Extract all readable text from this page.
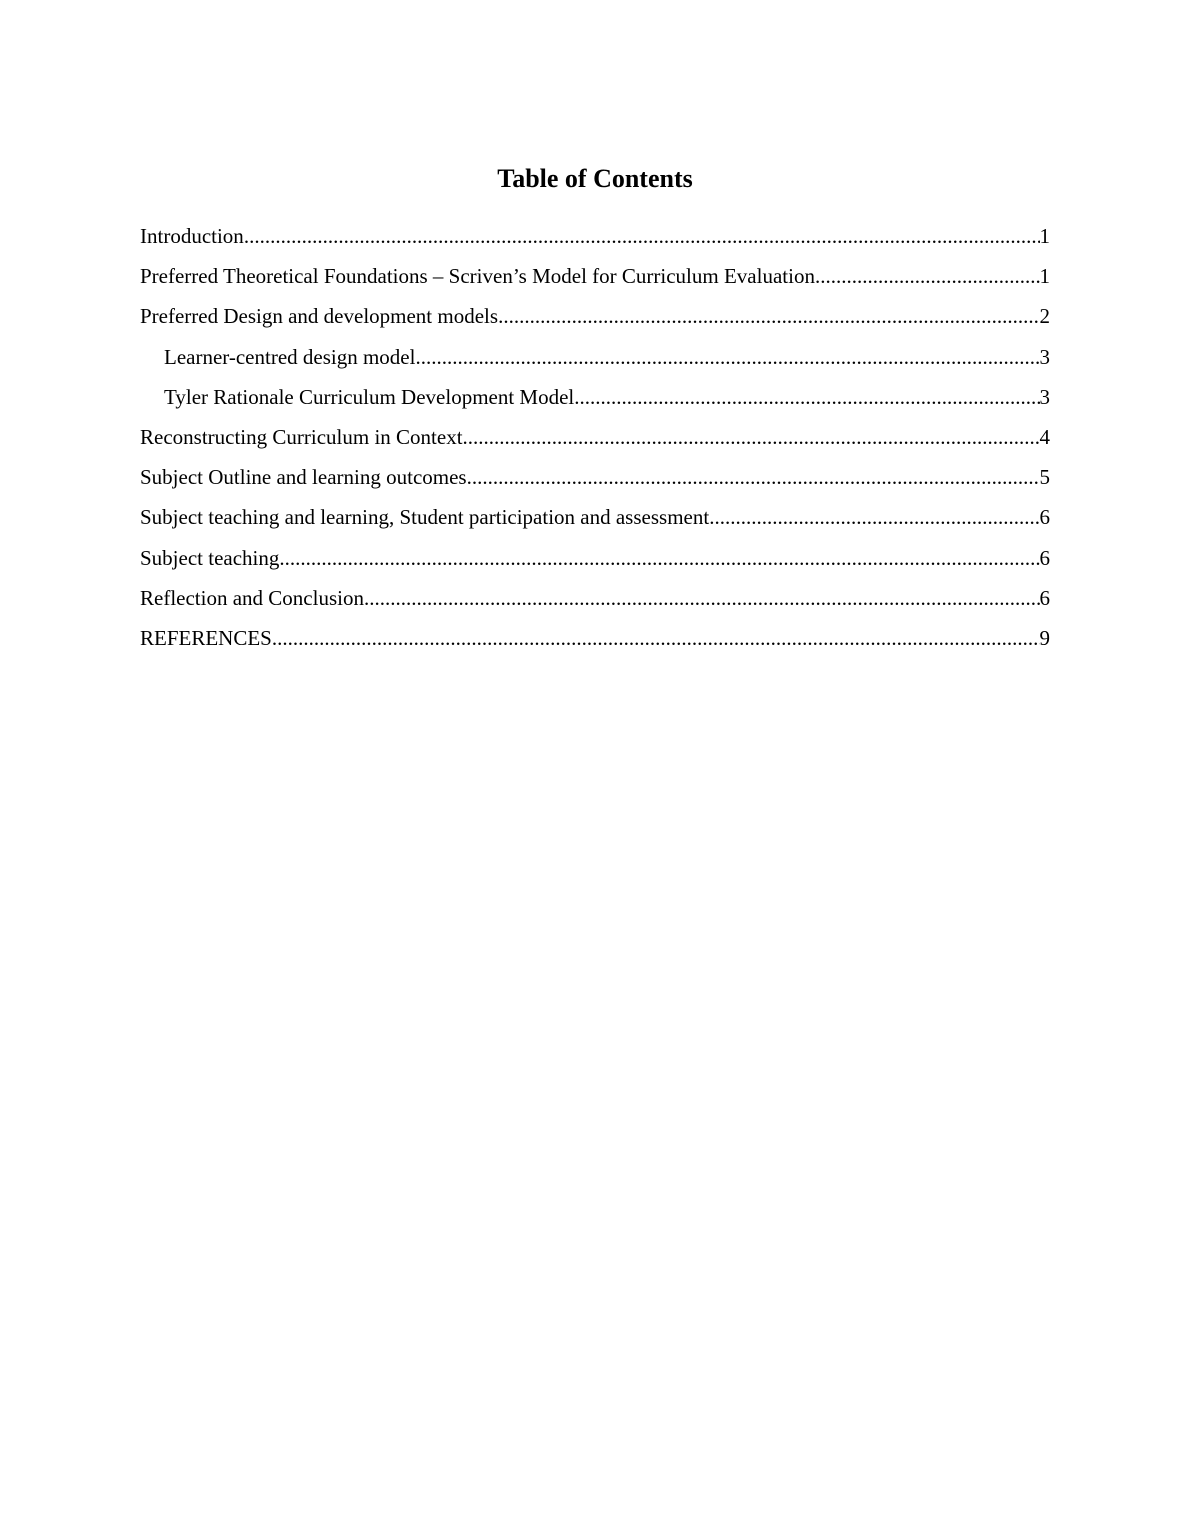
Table of Contents
Introduction .....	1
Preferred Theoretical Foundations – Scriven’s Model for Curriculum Evaluation .....	1
Preferred Design and development models .....	2
Learner-centred design model .....	3
Tyler Rationale Curriculum Development Model .....	3
Reconstructing Curriculum in Context .....	4
Subject Outline and learning outcomes .....	5
Subject teaching and learning, Student participation and assessment .....	6
Subject teaching .....	6
Reflection and Conclusion .....	6
REFERENCES .....	9
